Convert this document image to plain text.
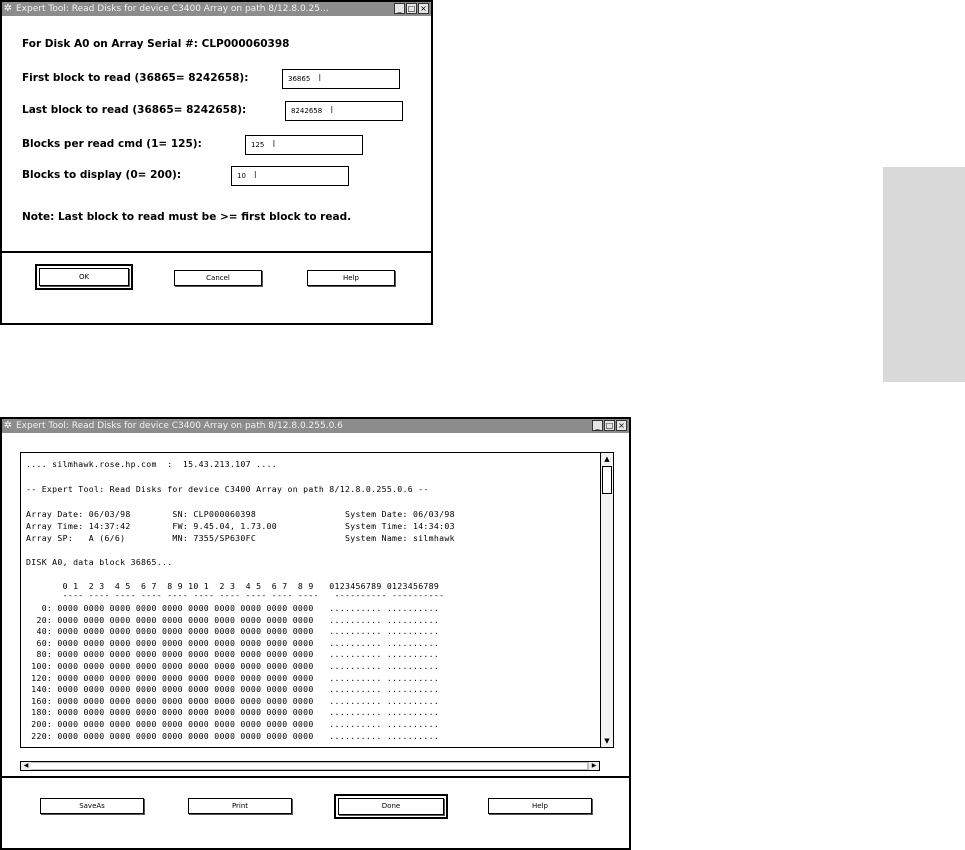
✲ Expert Tool: Read Disks for device C3400 Array on path 8/12.8.0.25...	_ □ ×
For Disk A0 on Array Serial #: CLP000060398
First block to read (36865= 8242658):	36865 I
Last block to read (36865= 8242658):	8242658 I
Blocks per read cmd (1= 125):	125 I
Blocks to display (0= 200):	10 I
Note: Last block to read must be >= first block to read.
OK	Cancel	Help
✲ Expert Tool: Read Disks for device C3400 Array on path 8/12.8.0.255.0.6	_ □ ×
.... silmhawk.rose.hp.com  :  15.43.213.107 ....
-- Expert Tool: Read Disks for device C3400 Array on path 8/12.8.0.255.0.6 --
Array Date: 06/03/98        SN: CLP000060398                 System Date: 06/03/98
Array Time: 14:37:42        FW: 9.45.04, 1.73.00             System Time: 14:34:03
Array SP:   A (6/6)         MN: 7355/SP630FC                 System Name: silmhawk
DISK A0, data block 36865...
0 1  2 3  4 5  6 7  8 9 10 1  2 3  4 5  6 7  8 9   0123456789 0123456789
---- ---- ---- ---- ---- ---- ---- ---- ---- ----   ---------- ----------
0: 0000 0000 0000 0000 0000 0000 0000 0000 0000 0000   .......... ..........
20: 0000 0000 0000 0000 0000 0000 0000 0000 0000 0000   .......... ..........
40: 0000 0000 0000 0000 0000 0000 0000 0000 0000 0000   .......... ..........
60: 0000 0000 0000 0000 0000 0000 0000 0000 0000 0000   .......... ..........
80: 0000 0000 0000 0000 0000 0000 0000 0000 0000 0000   .......... ..........
100: 0000 0000 0000 0000 0000 0000 0000 0000 0000 0000   .......... ..........
120: 0000 0000 0000 0000 0000 0000 0000 0000 0000 0000   .......... ..........
140: 0000 0000 0000 0000 0000 0000 0000 0000 0000 0000   .......... ..........
160: 0000 0000 0000 0000 0000 0000 0000 0000 0000 0000   .......... ..........
180: 0000 0000 0000 0000 0000 0000 0000 0000 0000 0000   .......... ..........
200: 0000 0000 0000 0000 0000 0000 0000 0000 0000 0000   .......... ..........
220: 0000 0000 0000 0000 0000 0000 0000 0000 0000 0000   .......... ..........
▲
▼
◀	▶
SaveAs	Print	Done	Help
